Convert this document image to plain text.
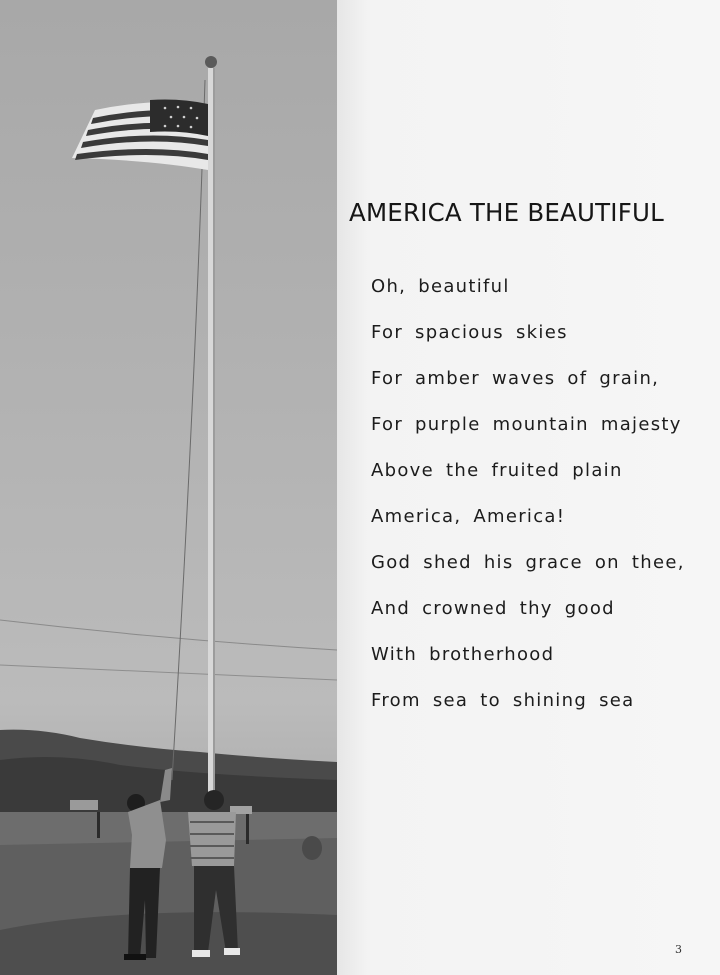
AMERICA THE BEAUTIFUL
Oh, beautiful
For spacious skies
For amber waves of grain,
For purple mountain majesty
Above the fruited plain
America, America!
God shed his grace on thee,
And crowned thy good
With brotherhood
From sea to shining sea
3
